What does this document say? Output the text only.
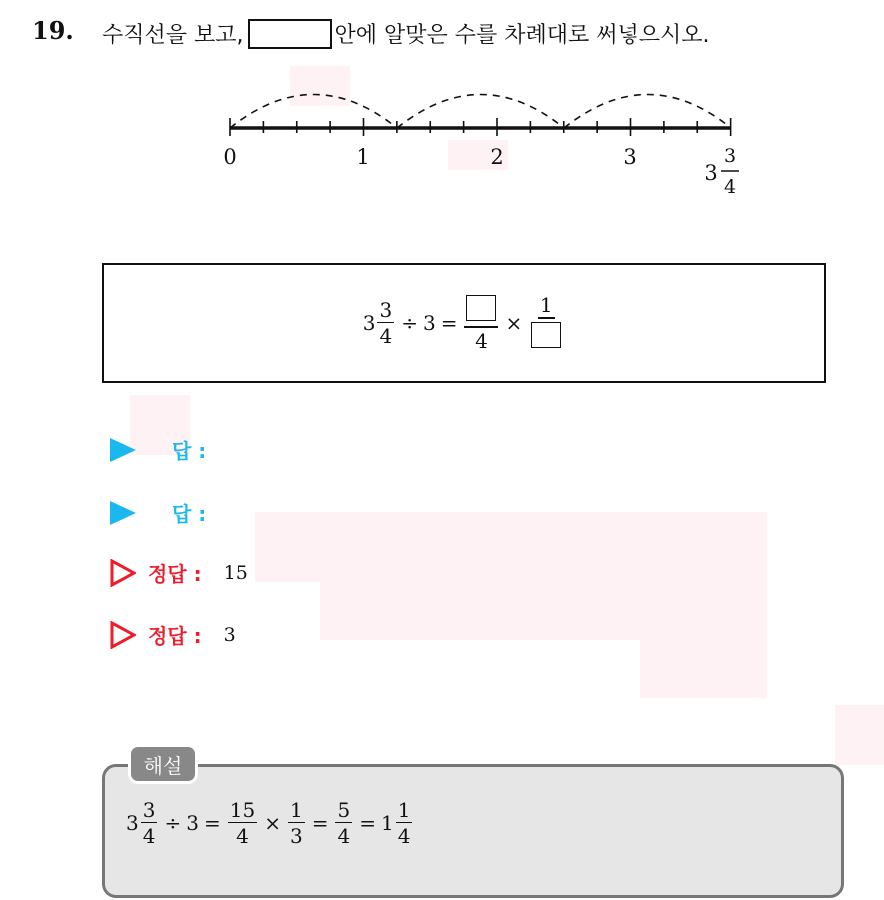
19. 수직선을 보고,	안에 알맞은 수를 차례대로 써넣으시오.
0	1	2	3
3
3
4
$3 \frac{3}{4} \div 3$ =
4
×
1
답 :
답 :
정답 : 15
정답 : 3
해설
$3 \frac{3}{4} \div 3 = \frac{15}{4} \times \frac{1}{3} = \frac{5}{4} = 1 \frac{1}{4}$
